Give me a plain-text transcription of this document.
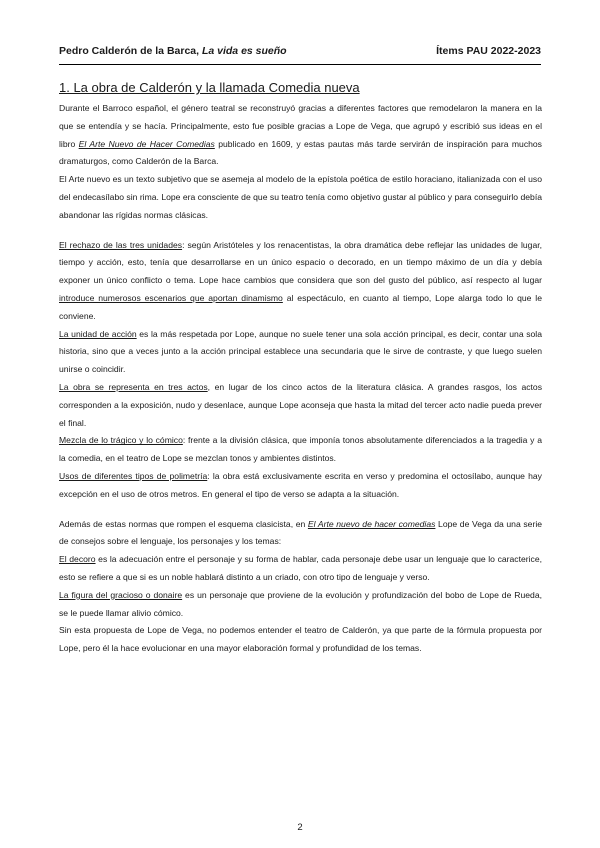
Pedro Calderón de la Barca, La vida es sueño	Ítems PAU 2022-2023
1. La obra de Calderón y la llamada Comedia nueva

Durante el Barroco español, el género teatral se reconstruyó gracias a diferentes factores que remodelaron la manera en la que se entendía y se hacía. Principalmente, esto fue posible gracias a Lope de Vega, que agrupó y escribió sus ideas en el libro El Arte Nuevo de Hacer Comedias publicado en 1609, y estas pautas más tarde servirán de inspiración para muchos dramaturgos, como Calderón de la Barca.

El Arte nuevo es un texto subjetivo que se asemeja al modelo de la epístola poética de estilo horaciano, italianizada con el uso del endecasílabo sin rima. Lope era consciente de que su teatro tenía como objetivo gustar al público y para conseguirlo debía abandonar las rígidas normas clásicas.

El rechazo de las tres unidades: según Aristóteles y los renacentistas, la obra dramática debe reflejar las unidades de lugar, tiempo y acción, esto, tenía que desarrollarse en un único espacio o decorado, en un tiempo máximo de un día y debía exponer un único conflicto o tema. Lope hace cambios que considera que son del gusto del público, así respecto al lugar introduce numerosos escenarios que aportan dinamismo al espectáculo, en cuanto al tiempo, Lope alarga todo lo que le conviene.

La unidad de acción es la más respetada por Lope, aunque no suele tener una sola acción principal, es decir, contar una sola historia, sino que a veces junto a la acción principal establece una secundaria que le sirve de contraste, y que luego suelen unirse o coincidir.

La obra se representa en tres actos, en lugar de los cinco actos de la literatura clásica. A grandes rasgos, los actos corresponden a la exposición, nudo y desenlace, aunque Lope aconseja que hasta la mitad del tercer acto nadie pueda prever el final.

Mezcla de lo trágico y lo cómico: frente a la división clásica, que imponía tonos absolutamente diferenciados a la tragedia y a la comedia, en el teatro de Lope se mezclan tonos y ambientes distintos.

Usos de diferentes tipos de polimetría: la obra está exclusivamente escrita en verso y predomina el octosílabo, aunque hay excepción en el uso de otros metros. En general el tipo de verso se adapta a la situación.

Además de estas normas que rompen el esquema clasicista, en El Arte nuevo de hacer comedias Lope de Vega da una serie de consejos sobre el lenguaje, los personajes y los temas:

El decoro es la adecuación entre el personaje y su forma de hablar, cada personaje debe usar un lenguaje que lo caracterice, esto se refiere a que si es un noble hablará distinto a un criado, con otro tipo de lenguaje y verso.

La figura del gracioso o donaire es un personaje que proviene de la evolución y profundización del bobo de Lope de Rueda, se le puede llamar alivio cómico.

Sin esta propuesta de Lope de Vega, no podemos entender el teatro de Calderón, ya que parte de la fórmula propuesta por Lope, pero él la hace evolucionar en una mayor elaboración formal y profundidad de los temas.

2
